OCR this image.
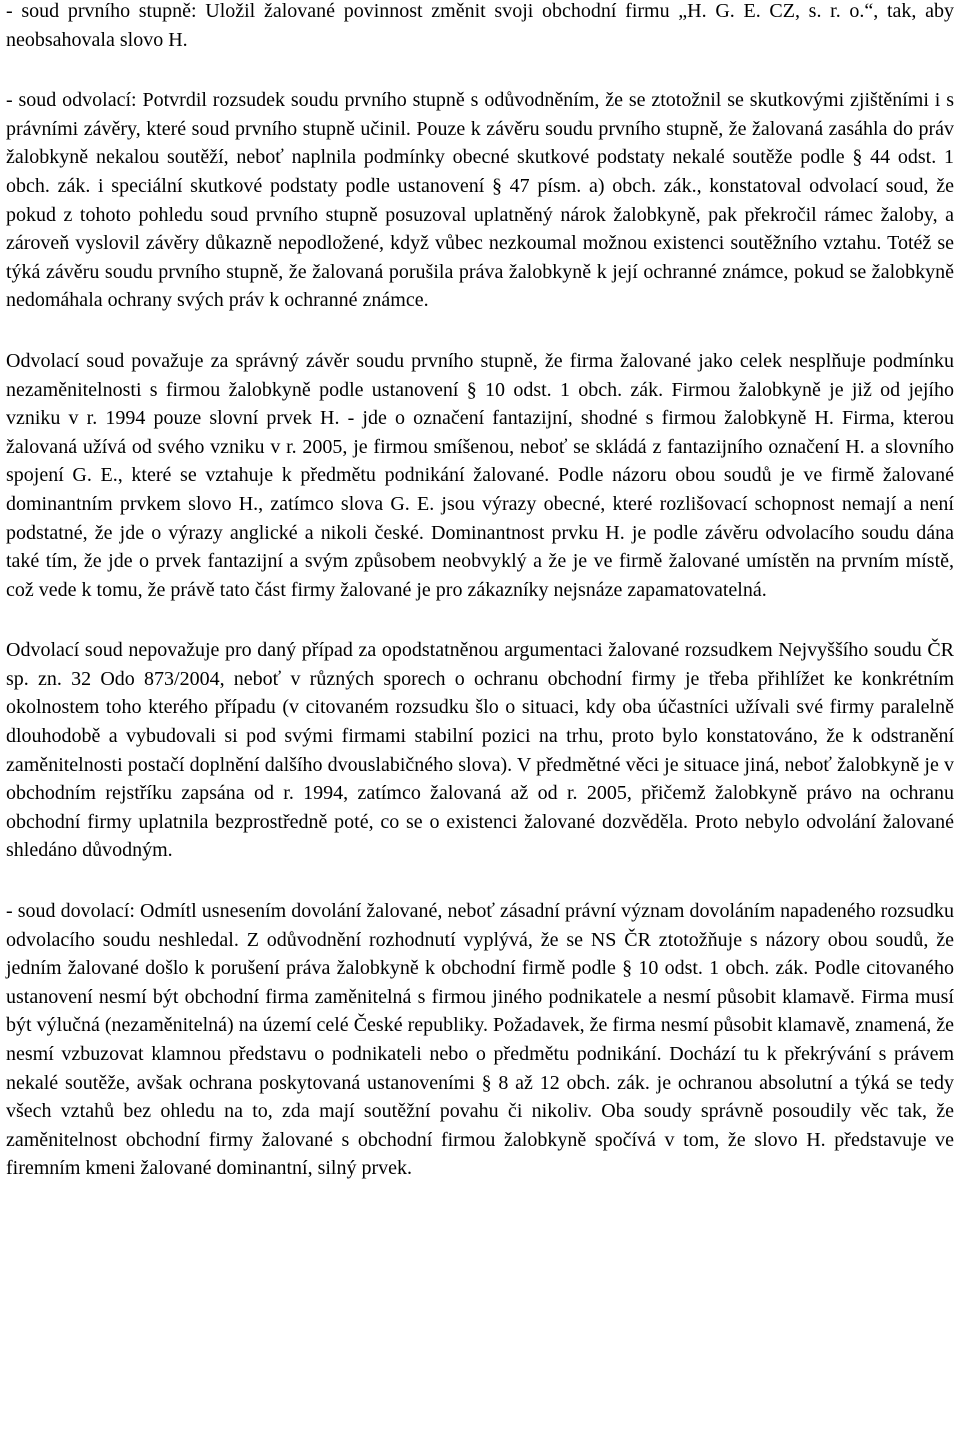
- soud prvního stupně: Uložil žalované povinnost změnit svoji obchodní firmu „H. G. E. CZ, s. r. o.“, tak, aby neobsahovala slovo H.

- soud odvolací: Potvrdil rozsudek soudu prvního stupně s odůvodněním, že se ztotožnil se skutkovými zjištěními i s právními závěry, které soud prvního stupně učinil. Pouze k závěru soudu prvního stupně, že žalovaná zasáhla do práv žalobkyně nekalou soutěží, neboť naplnila podmínky obecné skutkové podstaty nekalé soutěže podle § 44 odst. 1 obch. zák. i speciální skutkové podstaty podle ustanovení § 47 písm. a) obch. zák., konstatoval odvolací soud, že pokud z tohoto pohledu soud prvního stupně posuzoval uplatněný nárok žalobkyně, pak překročil rámec žaloby, a zároveň vyslovil závěry důkazně nepodložené, když vůbec nezkoumal možnou existenci soutěžního vztahu. Totéž se týká závěru soudu prvního stupně, že žalovaná porušila práva žalobkyně k její ochranné známce, pokud se žalobkyně nedomáhala ochrany svých práv k ochranné známce.

Odvolací soud považuje za správný závěr soudu prvního stupně, že firma žalované jako celek nesplňuje podmínku nezaměnitelnosti s firmou žalobkyně podle ustanovení § 10 odst. 1 obch. zák. Firmou žalobkyně je již od jejího vzniku v r. 1994 pouze slovní prvek H. - jde o označení fantazijní, shodné s firmou žalobkyně H. Firma, kterou žalovaná užívá od svého vzniku v r. 2005, je firmou smíšenou, neboť se skládá z fantazijního označení H. a slovního spojení G. E., které se vztahuje k předmětu podnikání žalované. Podle názoru obou soudů je ve firmě žalované dominantním prvkem slovo H., zatímco slova G. E. jsou výrazy obecné, které rozlišovací schopnost nemají a není podstatné, že jde o výrazy anglické a nikoli české. Dominantnost prvku H. je podle závěru odvolacího soudu dána také tím, že jde o prvek fantazijní a svým způsobem neobvyklý a že je ve firmě žalované umístěn na prvním místě, což vede k tomu, že právě tato část firmy žalované je pro zákazníky nejsnáze zapamatovatelná.

Odvolací soud nepovažuje pro daný případ za opodstatněnou argumentaci žalované rozsudkem Nejvyššího soudu ČR sp. zn. 32 Odo 873/2004, neboť v různých sporech o ochranu obchodní firmy je třeba přihlížet ke konkrétním okolnostem toho kterého případu (v citovaném rozsudku šlo o situaci, kdy oba účastníci užívali své firmy paralelně dlouhodobě a vybudovali si pod svými firmami stabilní pozici na trhu, proto bylo konstatováno, že k odstranění zaměnitelnosti postačí doplnění dalšího dvouslabičného slova). V předmětné věci je situace jiná, neboť žalobkyně je v obchodním rejstříku zapsána od r. 1994, zatímco žalovaná až od r. 2005, přičemž žalobkyně právo na ochranu obchodní firmy uplatnila bezprostředně poté, co se o existenci žalované dozvěděla. Proto nebylo odvolání žalované shledáno důvodným.

- soud dovolací: Odmítl usnesením dovolání žalované, neboť zásadní právní význam dovoláním napadeného rozsudku odvolacího soudu neshledal. Z odůvodnění rozhodnutí vyplývá, že se NS ČR ztotožňuje s názory obou soudů, že jedním žalované došlo k porušení práva žalobkyně k obchodní firmě podle § 10 odst. 1 obch. zák. Podle citovaného ustanovení nesmí být obchodní firma zaměnitelná s firmou jiného podnikatele a nesmí působit klamavě. Firma musí být výlučná (nezaměnitelná) na území celé České republiky. Požadavek, že firma nesmí působit klamavě, znamená, že nesmí vzbuzovat klamnou představu o podnikateli nebo o předmětu podnikání. Dochází tu k překrývání s právem nekalé soutěže, avšak ochrana poskytovaná ustanoveními § 8 až 12 obch. zák. je ochranou absolutní a týká se tedy všech vztahů bez ohledu na to, zda mají soutěžní povahu či nikoliv. Oba soudy správně posoudily věc tak, že zaměnitelnost obchodní firmy žalované s obchodní firmou žalobkyně spočívá v tom, že slovo H. představuje ve firemním kmeni žalované dominantní, silný prvek.
